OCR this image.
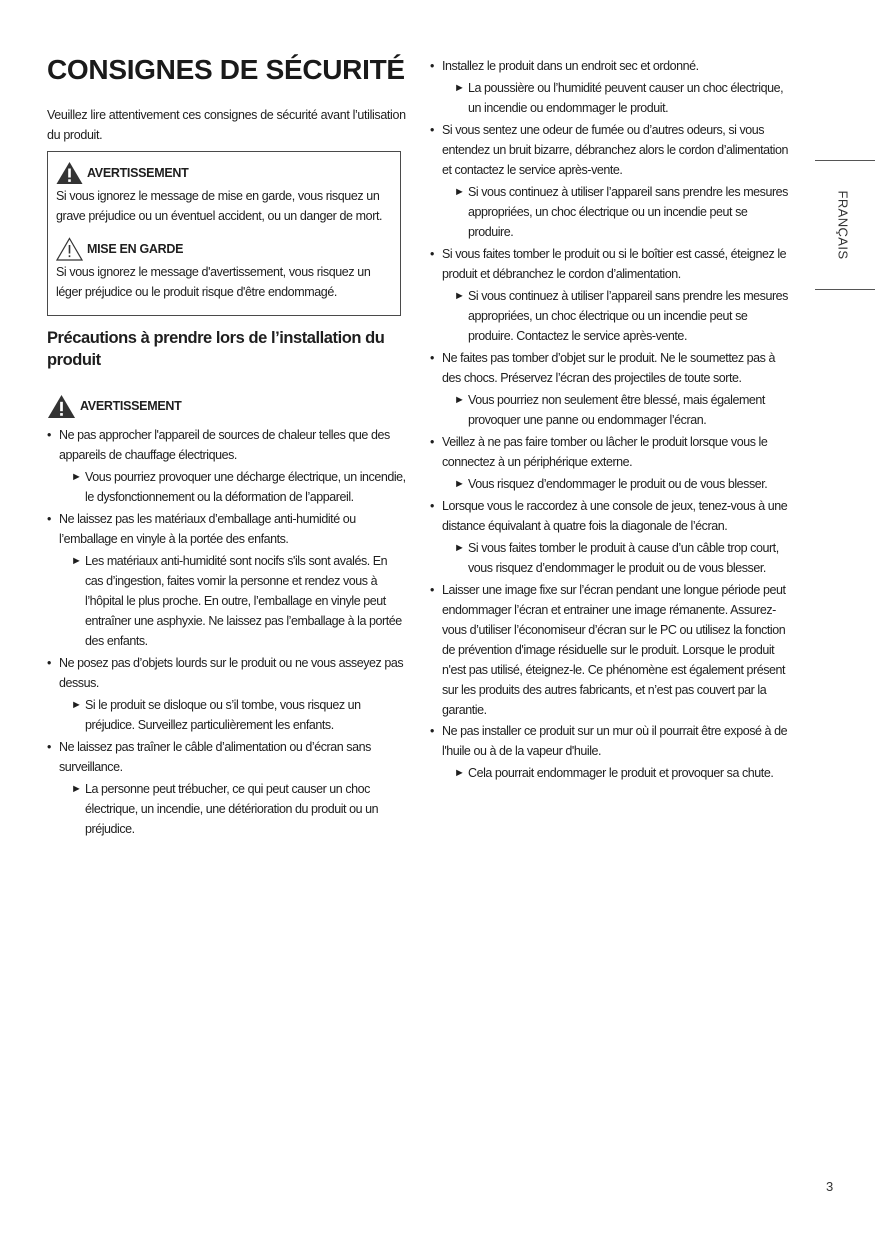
CONSIGNES DE SÉCURITÉ

Veuillez lire attentivement ces consignes de sécurité avant l’utilisation du produit.

AVERTISSEMENT

Si vous ignorez le message de mise en garde, vous risquez un grave préjudice ou un éventuel accident, ou un danger de mort.

MISE EN GARDE

Si vous ignorez le message d'avertissement, vous risquez un léger préjudice ou le produit risque d'être endommagé.

Précautions à prendre lors de l’installation du produit
AVERTISSEMENT
• Ne pas approcher l'appareil de sources de chaleur telles que des appareils de chauffage électriques.
► Vous pourriez provoquer une décharge électrique, un incendie, le dysfonctionnement ou la déformation de l’appareil.
• Ne laissez pas les matériaux d’emballage anti-humidité ou l’emballage en vinyle à la portée des enfants.
► Les matériaux anti-humidité sont nocifs s'ils sont avalés. En cas d’ingestion, faites vomir la personne et rendez vous à l’hôpital le plus proche. En outre, l’emballage en vinyle peut entraîner une asphyxie. Ne laissez pas l’emballage à la portée des enfants.
• Ne posez pas d’objets lourds sur le produit ou ne vous asseyez pas dessus.
► Si le produit se disloque ou s’il tombe, vous risquez un préjudice. Surveillez particulièrement les enfants.
• Ne laissez pas traîner le câble d’alimentation ou d’écran sans surveillance.
► La personne peut trébucher, ce qui peut causer un choc électrique, un incendie, une détérioration du produit ou un préjudice.
• Installez le produit dans un endroit sec et ordonné.
► La poussière ou l’humidité peuvent causer un choc électrique, un incendie ou endommager le produit.
• Si vous sentez une odeur de fumée ou d’autres odeurs, si vous entendez un bruit bizarre, débranchez alors le cordon d’alimentation et contactez le service après-vente.
► Si vous continuez à utiliser l’appareil sans prendre les mesures appropriées, un choc électrique ou un incendie peut se produire.
• Si vous faites tomber le produit ou si le boîtier est cassé, éteignez le produit et débranchez le cordon d’alimentation.
► Si vous continuez à utiliser l’appareil sans prendre les mesures appropriées, un choc électrique ou un incendie peut se produire. Contactez le service après-vente.
• Ne faites pas tomber d’objet sur le produit. Ne le soumettez pas à des chocs. Préservez l’écran des projectiles de toute sorte.
► Vous pourriez non seulement être blessé, mais également provoquer une panne ou endommager l’écran.
• Veillez à ne pas faire tomber ou lâcher le produit lorsque vous le connectez à un périphérique externe.
► Vous risquez d’endommager le produit ou de vous blesser.
• Lorsque vous le raccordez à une console de jeux, tenez-vous à une distance équivalant à quatre fois la diagonale de l’écran.
► Si vous faites tomber le produit à cause d’un câble trop court, vous risquez d’endommager le produit ou de vous blesser.
• Laisser une image fixe sur l’écran pendant une longue période peut endommager l’écran et entrainer une image rémanente. Assurez-vous d’utiliser l’économiseur d’écran sur le PC ou utilisez la fonction de prévention d'image résiduelle sur le produit. Lorsque le produit n'est pas utilisé, éteignez-le. Ce phénomène est également présent sur les produits des autres fabricants, et n’est pas couvert par la garantie.
• Ne pas installer ce produit sur un mur où il pourrait être exposé à de l'huile ou à de la vapeur d'huile.
► Cela pourrait endommager le produit et provoquer sa chute.
FRANÇAIS
3
